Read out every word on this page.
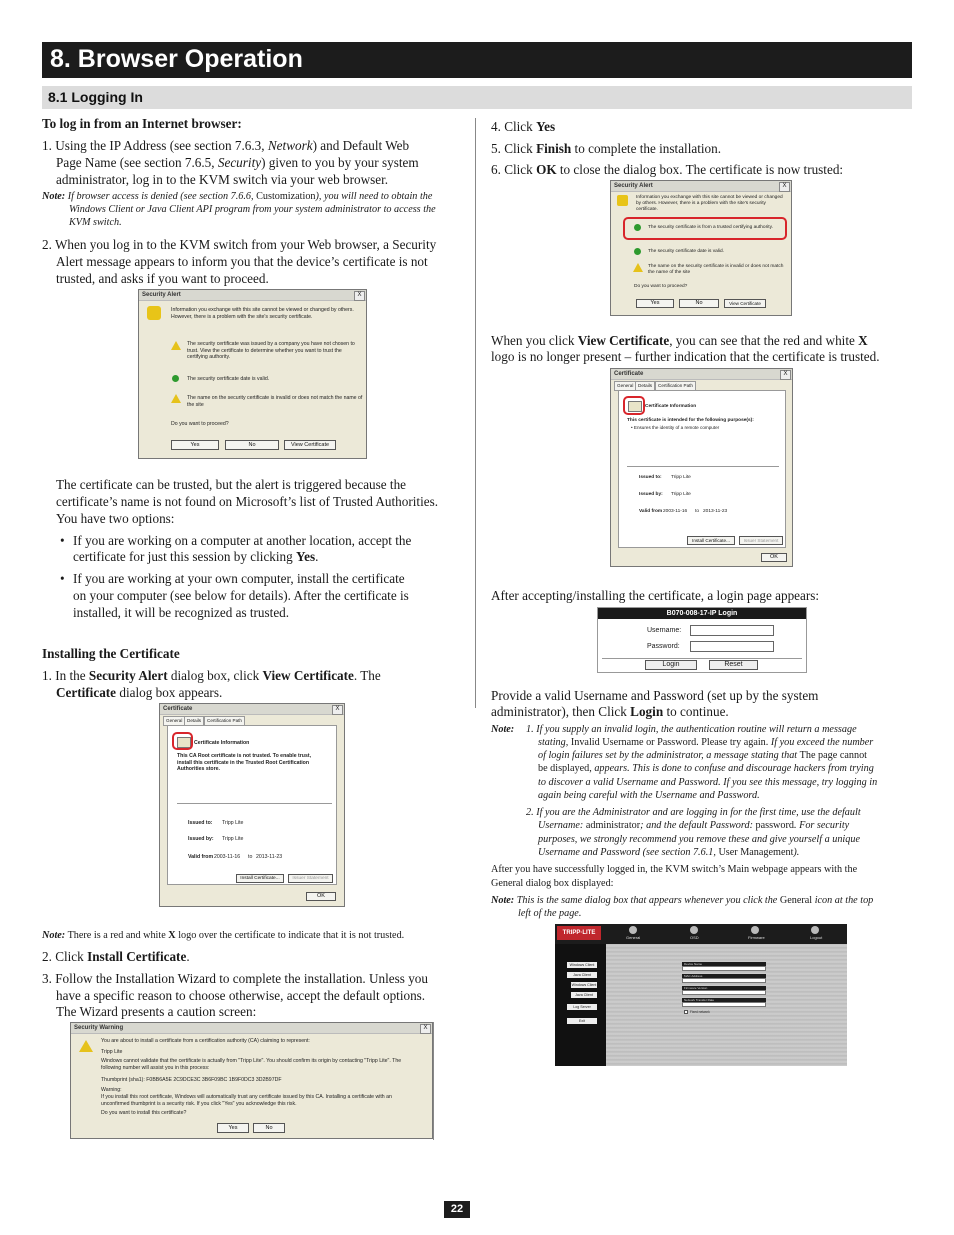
8. Browser Operation
8.1 Logging In
To log in from an Internet browser:
1. Using the IP Address (see section 7.6.3, Network) and Default Web
Page Name (see section 7.6.5, Security) given to you by your system
administrator, log in to the KVM switch via your web browser.
Note: If browser access is denied (see section 7.6.6, Customization), you will need to obtain the
Windows Client or Java Client API program from your system administrator to access the
KVM switch.
2. When you log in to the KVM switch from your Web browser, a Security
Alert message appears to inform you that the device’s certificate is not
trusted, and asks if you want to proceed.
Security Alert	X
Information you exchange with this site cannot be viewed or changed by others. However, there is a problem with the site's security certificate.
The security certificate was issued by a company you have not chosen to trust. View the certificate to determine whether you want to trust the certifying authority.
The security certificate date is valid.
The name on the security certificate is invalid or does not match the name of the site
Do you want to proceed?
Yes	No	View Certificate
The certificate can be trusted, but the alert is triggered because the
certificate’s name is not found on Microsoft’s list of Trusted Authorities.
You have two options:
• If you are working on a computer at another location, accept the
certificate for just this session by clicking Yes.
• If you are working at your own computer, install the certificate
on your computer (see below for details). After the certificate is
installed, it will be recognized as trusted.
Installing the Certificate
1. In the Security Alert dialog box, click View Certificate. The
Certificate dialog box appears.
Certificate	X
General	Details	Certification Path
Certificate Information
This CA Root certificate is not trusted. To enable trust, install this certificate in the Trusted Root Certification Authorities store.
Issued to: Tripp Lite
Issued by: Tripp Lite
Valid from 2003-11-16 to 2013-11-23
Install Certificate...	Issuer Statement
OK
Note: There is a red and white X logo over the certificate to indicate that it is not trusted.
2. Click Install Certificate.
3. Follow the Installation Wizard to complete the installation. Unless you
have a specific reason to choose otherwise, accept the default options.
The Wizard presents a caution screen:
Security Warning	X
You are about to install a certificate from a certification authority (CA) claiming to represent:
Tripp Lite
Windows cannot validate that the certificate is actually from "Tripp Lite". You should confirm its origin by contacting "Tripp Lite". The following number will assist you in this process:
Thumbprint (sha1): F0BB6A5E 2C9DCE3C 3B6F09BC 1B9F0DC3 3D2B97DF
Warning:
If you install this root certificate, Windows will automatically trust any certificate issued by this CA. Installing a certificate with an unconfirmed thumbprint is a security risk. If you click "Yes" you acknowledge this risk.
Do you want to install this certificate?
Yes	No
4. Click Yes
5. Click Finish to complete the installation.
6. Click OK to close the dialog box. The certificate is now trusted:
Security Alert	X
Information you exchange with this site cannot be viewed or changed by others. However, there is a problem with the site's security certificate.
The security certificate is from a trusted certifying authority.
The security certificate date is valid.
The name on the security certificate is invalid or does not match the name of the site
Do you want to proceed?
Yes	No	View Certificate
When you click View Certificate, you can see that the red and white X
logo is no longer present – further indication that the certificate is trusted.
Certificate	X
General	Details	Certification Path
Certificate Information
This certificate is intended for the following purpose(s):
• Ensures the identity of a remote computer
Issued to: Tripp Lite
Issued by: Tripp Lite
Valid from 2003-11-16 to 2013-11-23
Install Certificate...	Issuer Statement
OK
After accepting/installing the certificate, a login page appears:
B070-008-17-IP Login
Username:
Password:
Login	Reset
Provide a valid Username and Password (set up by the system
administrator), then Click Login to continue.
Note: 1. If you supply an invalid login, the authentication routine will return a message
stating, Invalid Username or Password. Please try again. If you exceed the number
of login failures set by the administrator, a message stating that The page cannot
be displayed, appears. This is done to confuse and discourage hackers from trying
to discover a valid Username and Password. If you see this message, try logging in
again being careful with the Username and Password.
2. If you are the Administrator and are logging in for the first time, use the default
Username: administrator; and the default Password: password. For security
purposes, we strongly recommend you remove these and give yourself a unique
Username and Password (see section 7.6.1, User Management).
After you have successfully logged in, the KVM switch’s Main webpage appears with the
General dialog box displayed:
Note: This is the same dialog box that appears whenever you click the General icon at the top
left of the page.
TRIPP·LITE
General	OSD	Firmware	Logout
Windows Client
Java Client
Windows Client
Java Client
Log Server
Exit
Device Name
MAC Address
Firmware Version
Network Transfer Rate
Fixed network
22
